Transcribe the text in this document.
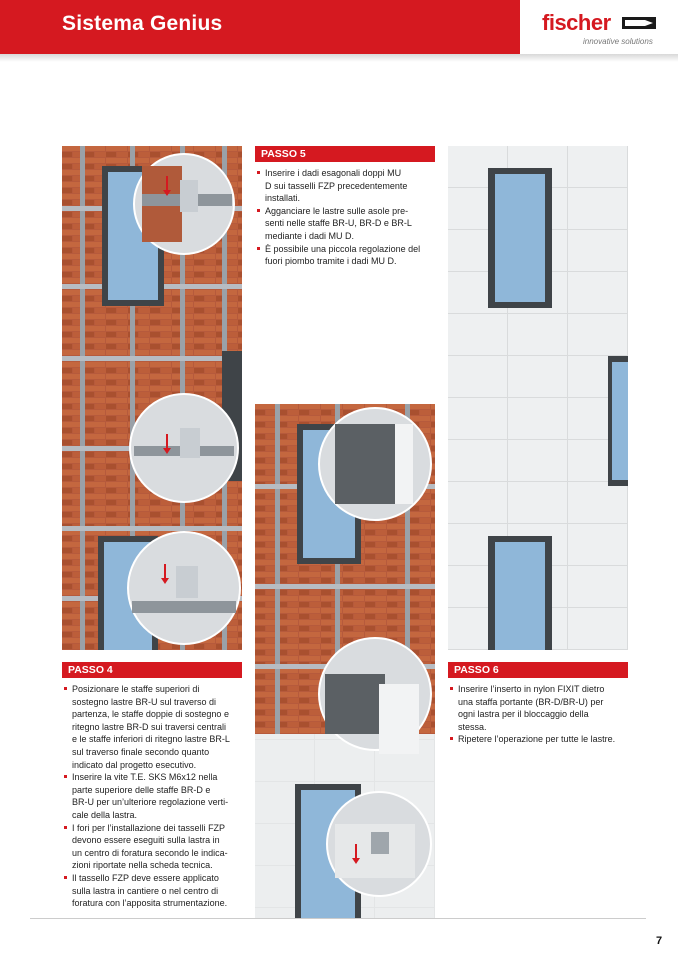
Sistema Genius	fischer
innovative solutions
PASSO 5
Inserire i dadi esagonali doppi MU
D sui tasselli FZP precedentemente
installati.
Agganciare le lastre sulle asole pre-
senti nelle staffe BR-U, BR-D e BR-L
mediante i dadi MU D.
È possibile una piccola regolazione del
fuori piombo tramite i dadi MU D.
PASSO 4
Posizionare le staffe superiori di
sostegno lastre BR-U sul traverso di
partenza, le staffe doppie di sostegno e
ritegno lastre BR-D sui traversi centrali
e le staffe inferiori di ritegno lastre BR-L
sul traverso finale secondo quanto
indicato dal progetto esecutivo.
Inserire la vite T.E. SKS M6x12 nella
parte superiore delle staffe BR-D e
BR-U per un’ulteriore regolazione verti-
cale della lastra.
I fori per l’installazione dei tasselli FZP
devono essere eseguiti sulla lastra in
un centro di foratura secondo le indica-
zioni riportate nella scheda tecnica.
Il tassello FZP deve essere applicato
sulla lastra in cantiere o nel centro di
foratura con l’apposita strumentazione.
PASSO 6
Inserire l’inserto in nylon FIXIT dietro
una staffa portante (BR-D/BR-U) per
ogni lastra per il bloccaggio della
stessa.
Ripetere l’operazione per tutte le lastre.
7
